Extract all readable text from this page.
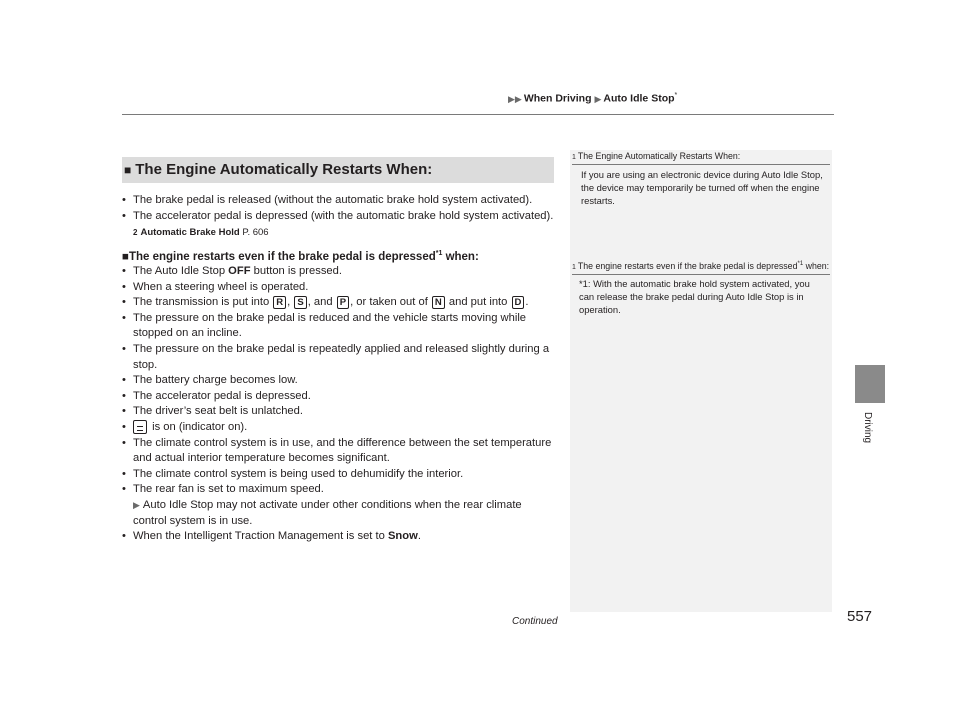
▶▶ When Driving ▶ Auto Idle Stop*
Driving
■ The Engine Automatically Restarts When:
• The brake pedal is released (without the automatic brake hold system activated).
• The accelerator pedal is depressed (with the automatic brake hold system activated).
2 Automatic Brake Hold P. 606
■The engine restarts even if the brake pedal is depressed$^{*1}$ when:
• The Auto Idle Stop OFF button is pressed.
• When a steering wheel is operated.
• The transmission is put into R , S , and P , or taken out of N and put into D .
• The pressure on the brake pedal is reduced and the vehicle starts moving while stopped on an incline.
• The pressure on the brake pedal is repeatedly applied and released slightly during a stop.
• The battery charge becomes low.
• The accelerator pedal is depressed.
• The driver’s seat belt is unlatched.
• is on (indicator on).
• The climate control system is in use, and the difference between the set temperature and actual interior temperature becomes significant.
• The climate control system is being used to dehumidify the interior.
• The rear fan is set to maximum speed.
▶ Auto Idle Stop may not activate under other conditions when the rear climate control system is in use.
• When the Intelligent Traction Management is set to Snow.
1 The Engine Automatically Restarts When:
If you are using an electronic device during Auto Idle Stop, the device may temporarily be turned off when the engine restarts.
1 The engine restarts even if the brake pedal is depressed$^{*1}$ when:
*1: With the automatic brake hold system activated, you can release the brake pedal during Auto Idle Stop is in operation.
Continued	557
